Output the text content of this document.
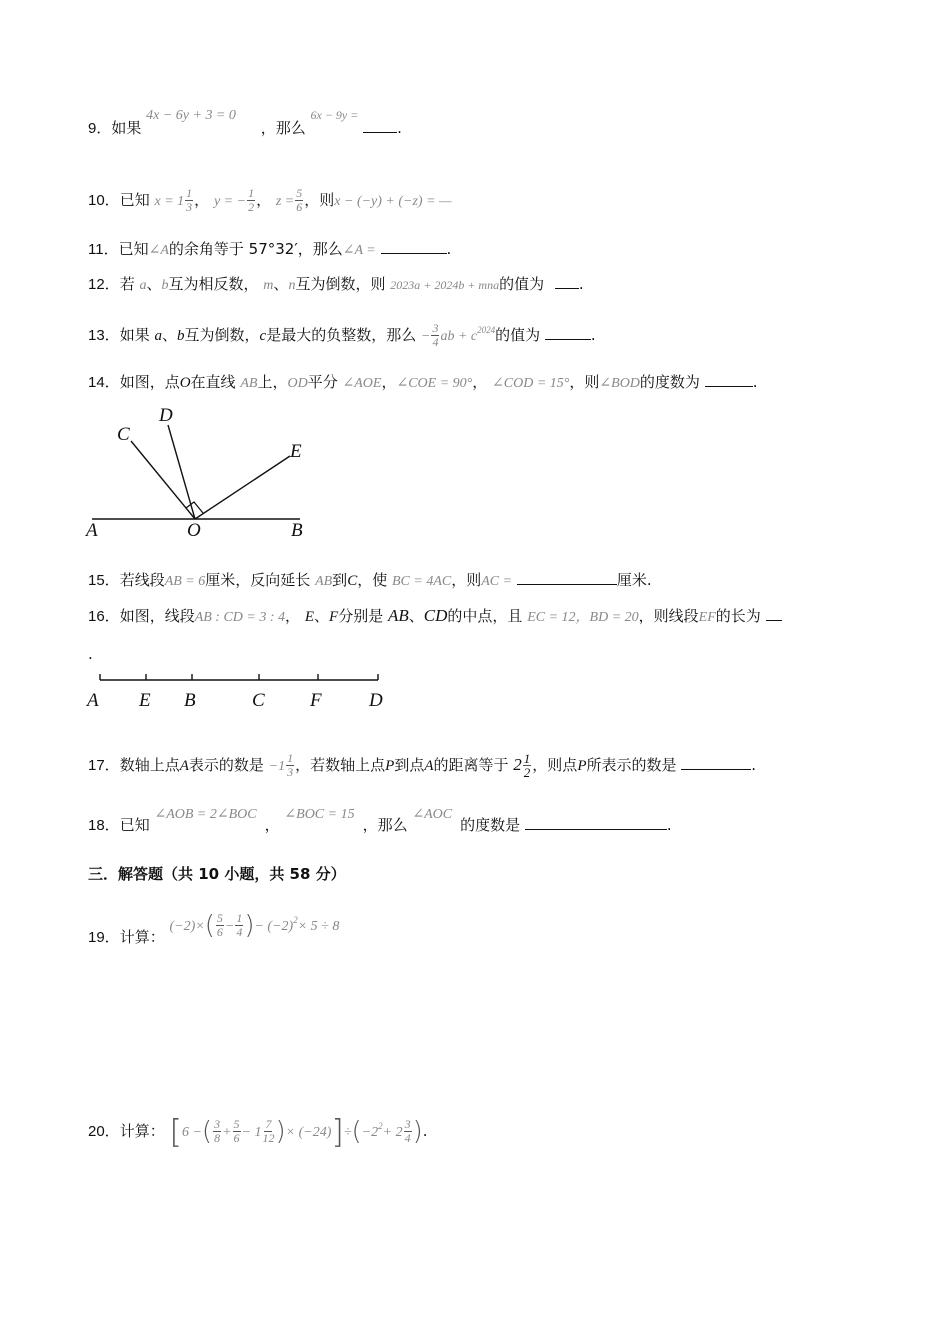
9．如果 4x − 6y + 3 = 0 ，那么 $^{6x - 9y =}$ .
10．已知 $x = 1 \frac{1}{3}$ ， y = − $\frac{1}{2}$ ， $z = \frac{5}{6}$ ，则x − (−y) + (−z) = —
11．已知∠A的余角等于 57°32′，那么∠A =	.
12．若 a、b互为相反数， m、n互为倒数，则 2023a + 2024b + mna的值为 .
13．如果 a、b互为倒数，c是最大的负整数，那么 − $\frac{3}{4}$ ab + $c^{2024}$的值为	.
14．如图，点O在直线 AB上，OD平分 ∠AOE，∠COE = 90°， ∠COD = 15°，则∠BOD的度数为	.
C
D
E
A	O	B
15．若线段AB = 6厘米，反向延长 AB到C，使 BC = 4AC，则AC =	厘米.
16．如图，线段AB : CD = 3 : 4， E、F分别是 AB、CD的中点，且 EC = 12，BD = 20，则线段EF的长为
.
A E B	C F D
17．数轴上点A表示的数是 $-1 \frac{1}{3}$ ，若数轴上点P到点A的距离等于 $2 \frac{1}{2}$ ，则点P所表示的数是	.
18．已知 ∠AOB = 2∠BOC， ∠BOC = 15，那么 ∠AOC的度数是	.
三．解答题（共 10 小题，共 58 分）
19．计算： $(-2)\times( \frac{5}{6} - \frac{1}{4}$ )− $(-2)^2\times 5 \div 8$
20．计算： [6 −( $\frac{3}{8} + \frac{5}{6} - 1 \frac{7}{12}$ )× $(-24)]\div(-2^2+ 2 \frac{3}{4}$ ).
